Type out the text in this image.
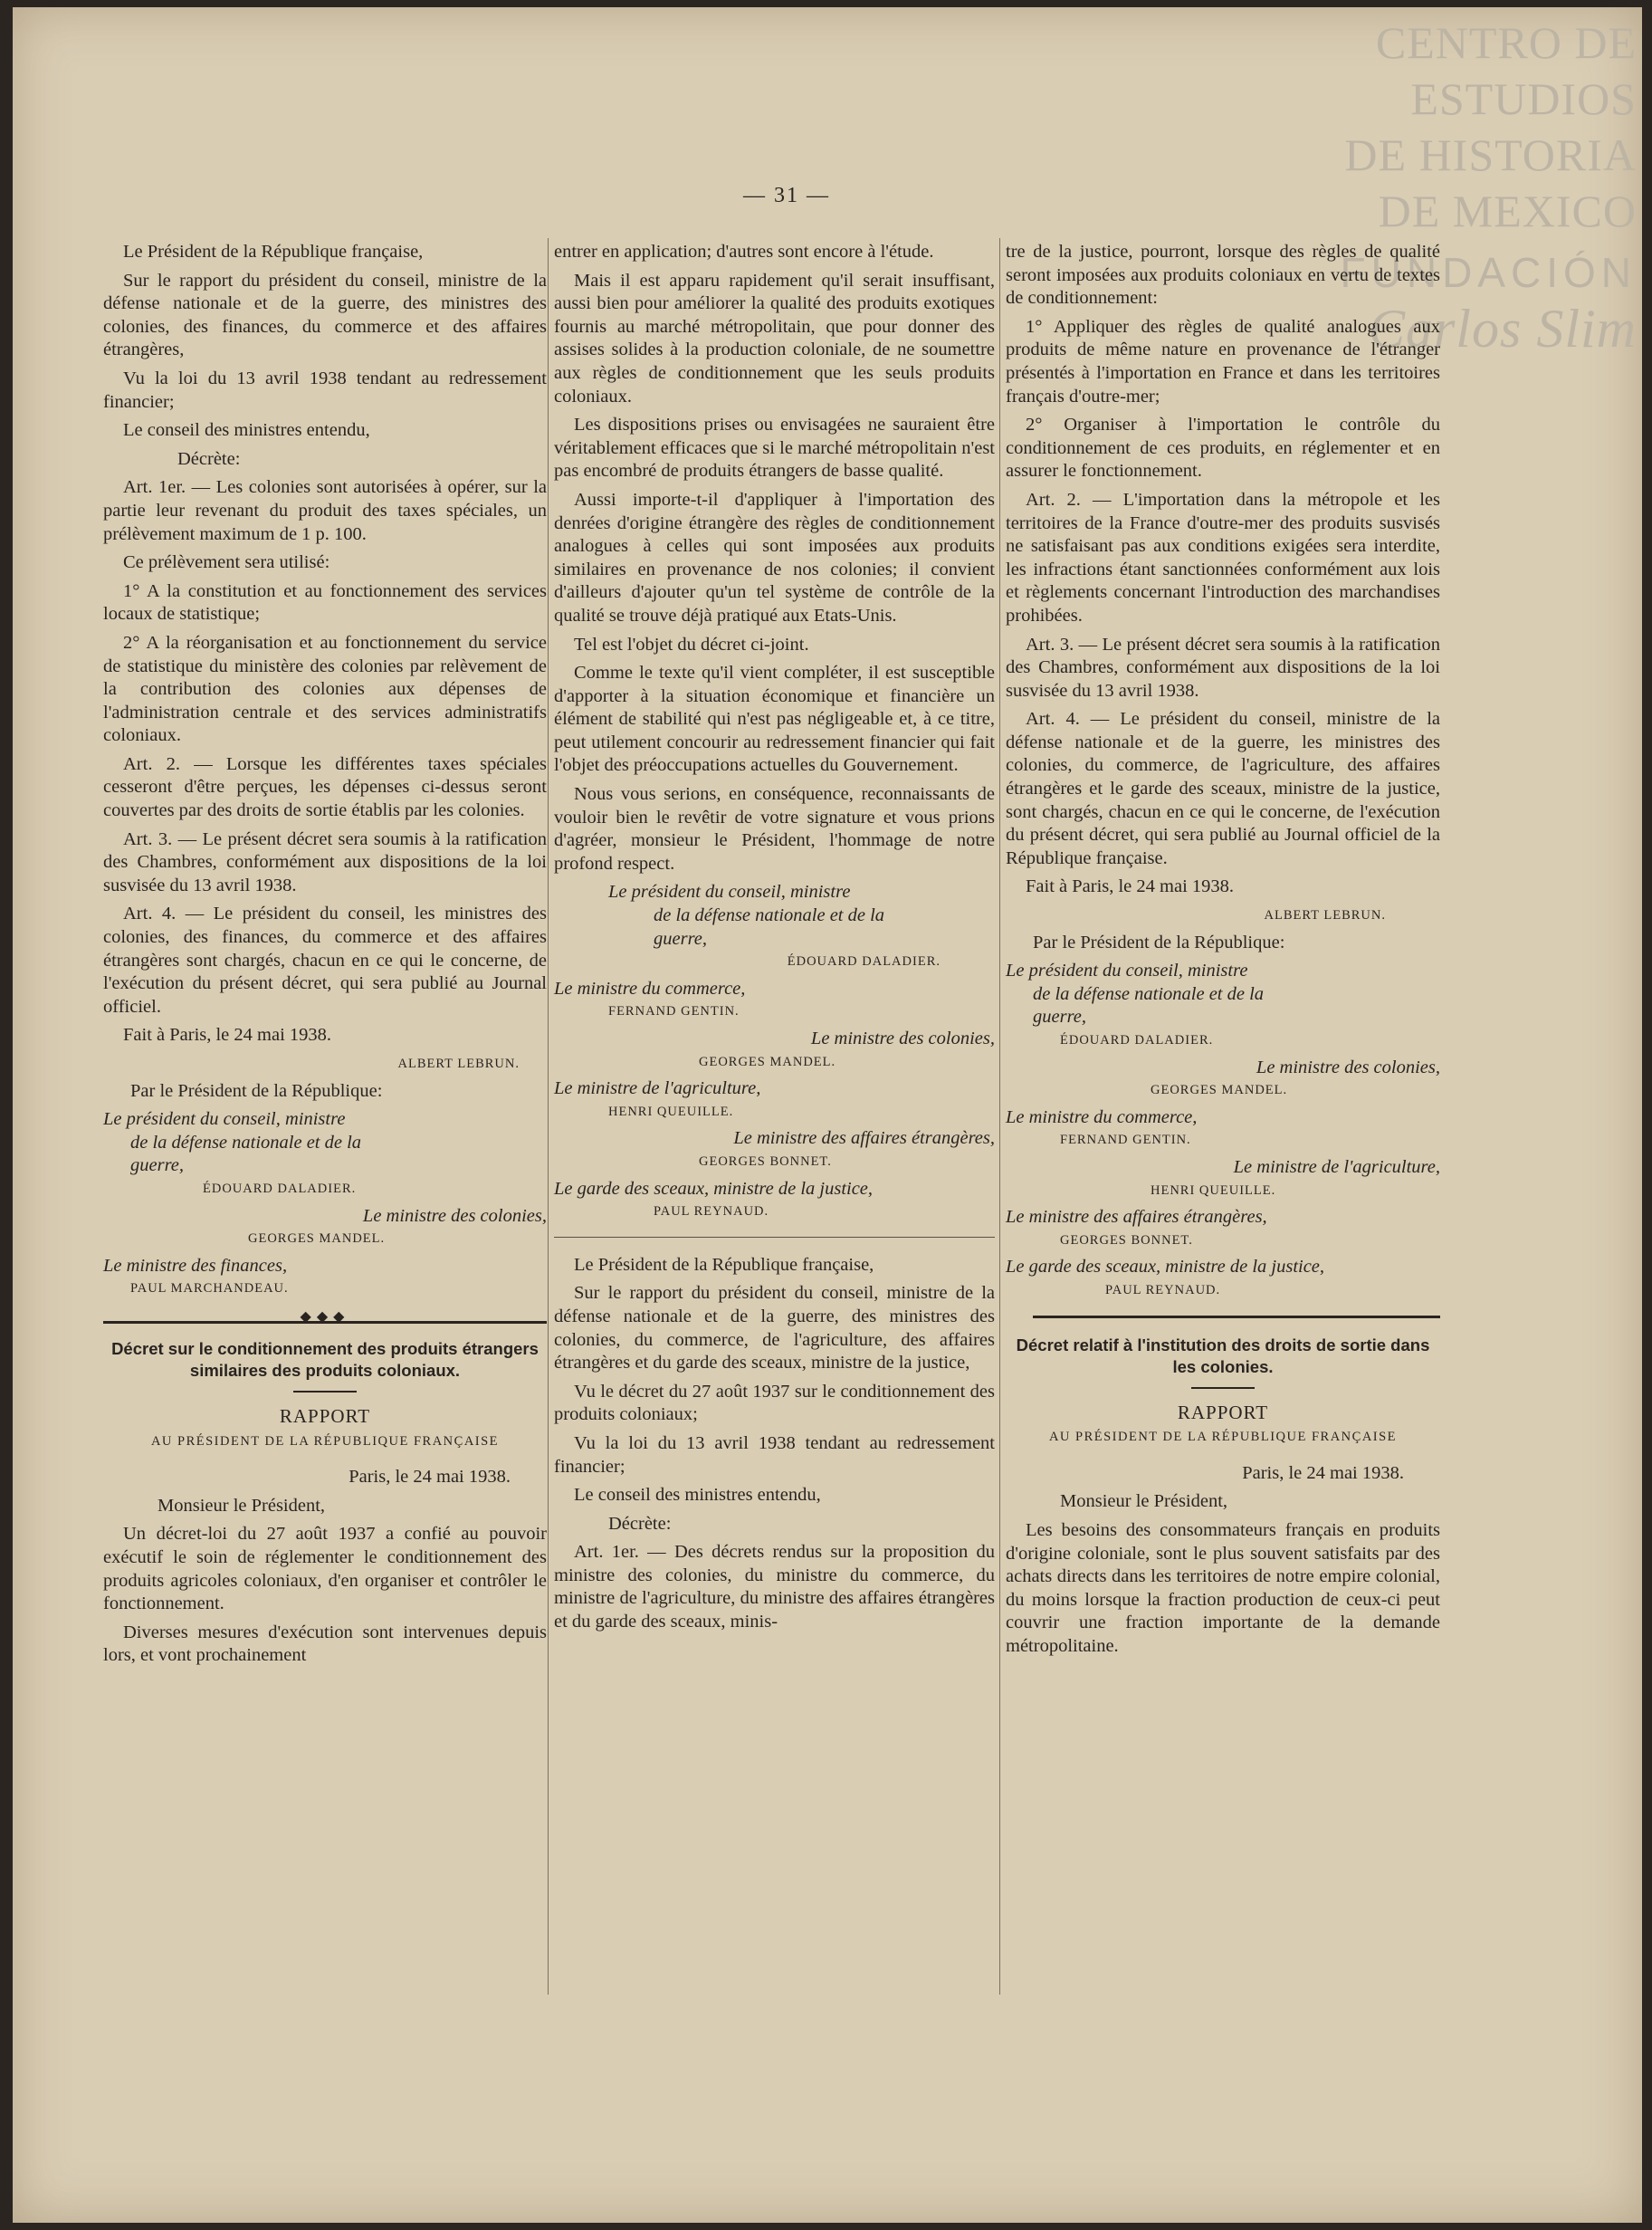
CENTRO DE
ESTUDIOS
DE HISTORIA
DE MEXICO
FUNDACIÓN
Carlos Slim
— 31 —

Le Président de la République française,

Sur le rapport du président du conseil, ministre de la défense nationale et de la guerre, des ministres des colonies, des finances, du commerce et des affaires étrangères,

Vu la loi du 13 avril 1938 tendant au redressement financier;

Le conseil des ministres entendu,

Décrète:

Art. 1er. — Les colonies sont autorisées à opérer, sur la partie leur revenant du produit des taxes spéciales, un prélèvement maximum de 1 p. 100.

Ce prélèvement sera utilisé:

1° A la constitution et au fonctionnement des services locaux de statistique;

2° A la réorganisation et au fonctionnement du service de statistique du ministère des colonies par relèvement de la contribution des colonies aux dépenses de l'administration centrale et des services administratifs coloniaux.

Art. 2. — Lorsque les différentes taxes spéciales cesseront d'être perçues, les dépenses ci-dessus seront couvertes par des droits de sortie établis par les colonies.

Art. 3. — Le présent décret sera soumis à la ratification des Chambres, conformément aux dispositions de la loi susvisée du 13 avril 1938.

Art. 4. — Le président du conseil, les ministres des colonies, des finances, du commerce et des affaires étrangères sont chargés, chacun en ce qui le concerne, de l'exécution du présent décret, qui sera publié au Journal officiel.

Fait à Paris, le 24 mai 1938.

ALBERT LEBRUN.

Par le Président de la République:

Le président du conseil, ministre

de la défense nationale et de la

guerre,

ÉDOUARD DALADIER.

Le ministre des colonies,

GEORGES MANDEL.

Le ministre des finances,

PAUL MARCHANDEAU.

◆◆◆
Décret sur le conditionnement des produits étrangers similaires des produits coloniaux.
RAPPORT
AU PRÉSIDENT DE LA RÉPUBLIQUE FRANÇAISE

Paris, le 24 mai 1938.

Monsieur le Président,

Un décret-loi du 27 août 1937 a confié au pouvoir exécutif le soin de réglementer le conditionnement des produits agricoles coloniaux, d'en organiser et contrôler le fonctionnement.

Diverses mesures d'exécution sont intervenues depuis lors, et vont prochainement

entrer en application; d'autres sont encore à l'étude.

Mais il est apparu rapidement qu'il serait insuffisant, aussi bien pour améliorer la qualité des produits exotiques fournis au marché métropolitain, que pour donner des assises solides à la production coloniale, de ne soumettre aux règles de conditionnement que les seuls produits coloniaux.

Les dispositions prises ou envisagées ne sauraient être véritablement efficaces que si le marché métropolitain n'est pas encombré de produits étrangers de basse qualité.

Aussi importe-t-il d'appliquer à l'importation des denrées d'origine étrangère des règles de conditionnement analogues à celles qui sont imposées aux produits similaires en provenance de nos colonies; il convient d'ailleurs d'ajouter qu'un tel système de contrôle de la qualité se trouve déjà pratiqué aux Etats-Unis.

Tel est l'objet du décret ci-joint.

Comme le texte qu'il vient compléter, il est susceptible d'apporter à la situation économique et financière un élément de stabilité qui n'est pas négligeable et, à ce titre, peut utilement concourir au redressement financier qui fait l'objet des préoccupations actuelles du Gouvernement.

Nous vous serions, en conséquence, reconnaissants de vouloir bien le revêtir de votre signature et vous prions d'agréer, monsieur le Président, l'hommage de notre profond respect.

Le président du conseil, ministre

de la défense nationale et de la

guerre,

ÉDOUARD DALADIER.

Le ministre du commerce,

FERNAND GENTIN.

Le ministre des colonies,

GEORGES MANDEL.

Le ministre de l'agriculture,

HENRI QUEUILLE.

Le ministre des affaires étrangères,

GEORGES BONNET.

Le garde des sceaux, ministre de la justice,

PAUL REYNAUD.

Le Président de la République française,

Sur le rapport du président du conseil, ministre de la défense nationale et de la guerre, des ministres des colonies, du commerce, de l'agriculture, des affaires étrangères et du garde des sceaux, ministre de la justice,

Vu le décret du 27 août 1937 sur le conditionnement des produits coloniaux;

Vu la loi du 13 avril 1938 tendant au redressement financier;

Le conseil des ministres entendu,

Décrète:

Art. 1er. — Des décrets rendus sur la proposition du ministre des colonies, du ministre du commerce, du ministre de l'agriculture, du ministre des affaires étrangères et du garde des sceaux, minis-

tre de la justice, pourront, lorsque des règles de qualité seront imposées aux produits coloniaux en vertu de textes de conditionnement:

1° Appliquer des règles de qualité analogues aux produits de même nature en provenance de l'étranger présentés à l'importation en France et dans les territoires français d'outre-mer;

2° Organiser à l'importation le contrôle du conditionnement de ces produits, en réglementer et en assurer le fonctionnement.

Art. 2. — L'importation dans la métropole et les territoires de la France d'outre-mer des produits susvisés ne satisfaisant pas aux conditions exigées sera interdite, les infractions étant sanctionnées conformément aux lois et règlements concernant l'introduction des marchandises prohibées.

Art. 3. — Le présent décret sera soumis à la ratification des Chambres, conformément aux dispositions de la loi susvisée du 13 avril 1938.

Art. 4. — Le président du conseil, ministre de la défense nationale et de la guerre, les ministres des colonies, du commerce, de l'agriculture, des affaires étrangères et le garde des sceaux, ministre de la justice, sont chargés, chacun en ce qui le concerne, de l'exécution du présent décret, qui sera publié au Journal officiel de la République française.

Fait à Paris, le 24 mai 1938.

ALBERT LEBRUN.

Par le Président de la République:

Le président du conseil, ministre

de la défense nationale et de la

guerre,

ÉDOUARD DALADIER.

Le ministre des colonies,

GEORGES MANDEL.

Le ministre du commerce,

FERNAND GENTIN.

Le ministre de l'agriculture,

HENRI QUEUILLE.

Le ministre des affaires étrangères,

GEORGES BONNET.

Le garde des sceaux, ministre de la justice,

PAUL REYNAUD.

Décret relatif à l'institution des droits de sortie dans les colonies.
RAPPORT
AU PRÉSIDENT DE LA RÉPUBLIQUE FRANÇAISE

Paris, le 24 mai 1938.

Monsieur le Président,

Les besoins des consommateurs français en produits d'origine coloniale, sont le plus souvent satisfaits par des achats directs dans les territoires de notre empire colonial, du moins lorsque la fraction production de ceux-ci peut couvrir une fraction importante de la demande métropolitaine.
